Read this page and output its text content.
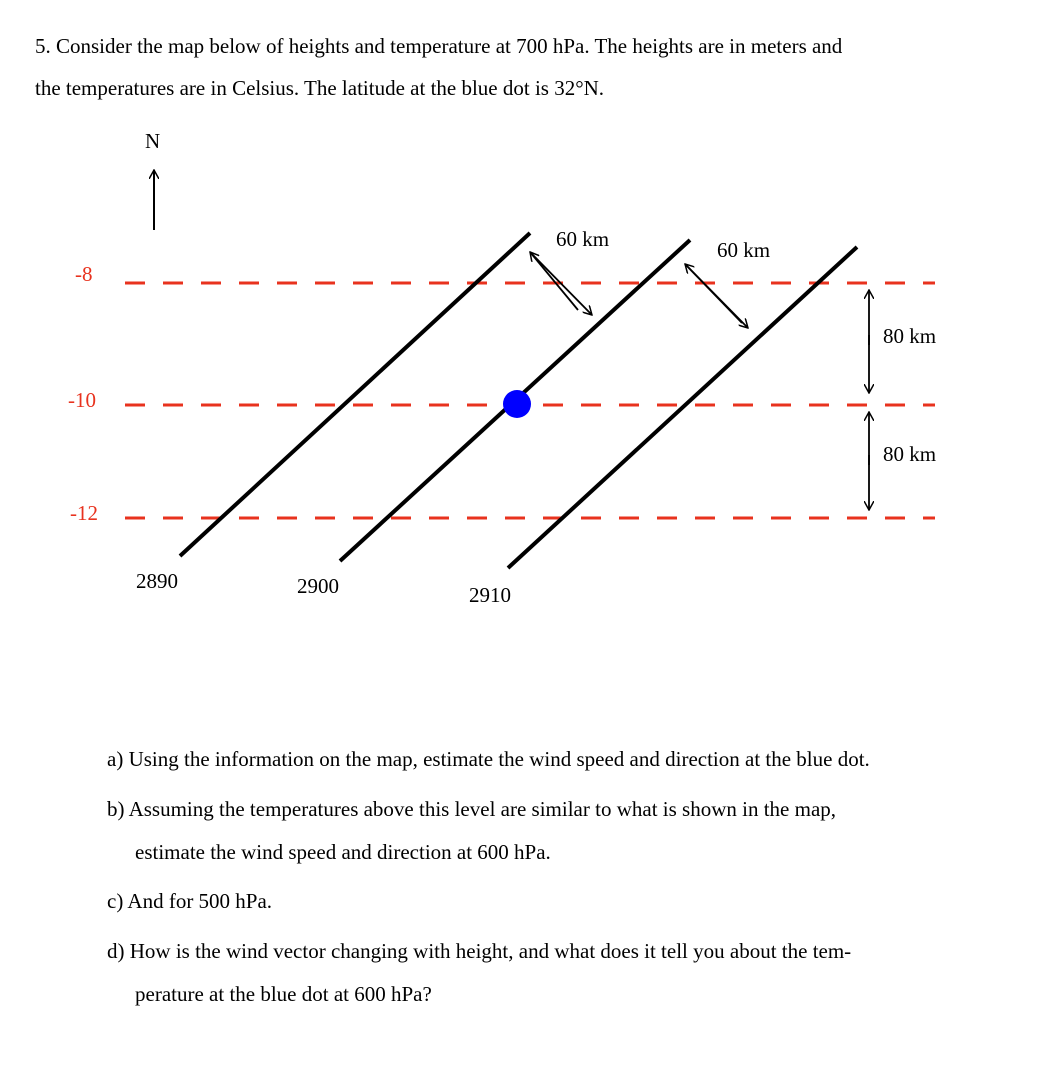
5. Consider the map below of heights and temperature at 700 hPa. The heights are in meters and
the temperatures are in Celsius. The latitude at the blue dot is 32°N.
N
-8
-10
-12
2890	2900	2910
60 km	60 km
80 km
80 km
a) Using the information on the map, estimate the wind speed and direction at the blue dot.
b) Assuming the temperatures above this level are similar to what is shown in the map,
estimate the wind speed and direction at 600 hPa.
c) And for 500 hPa.
d) How is the wind vector changing with height, and what does it tell you about the tem-
perature at the blue dot at 600 hPa?
